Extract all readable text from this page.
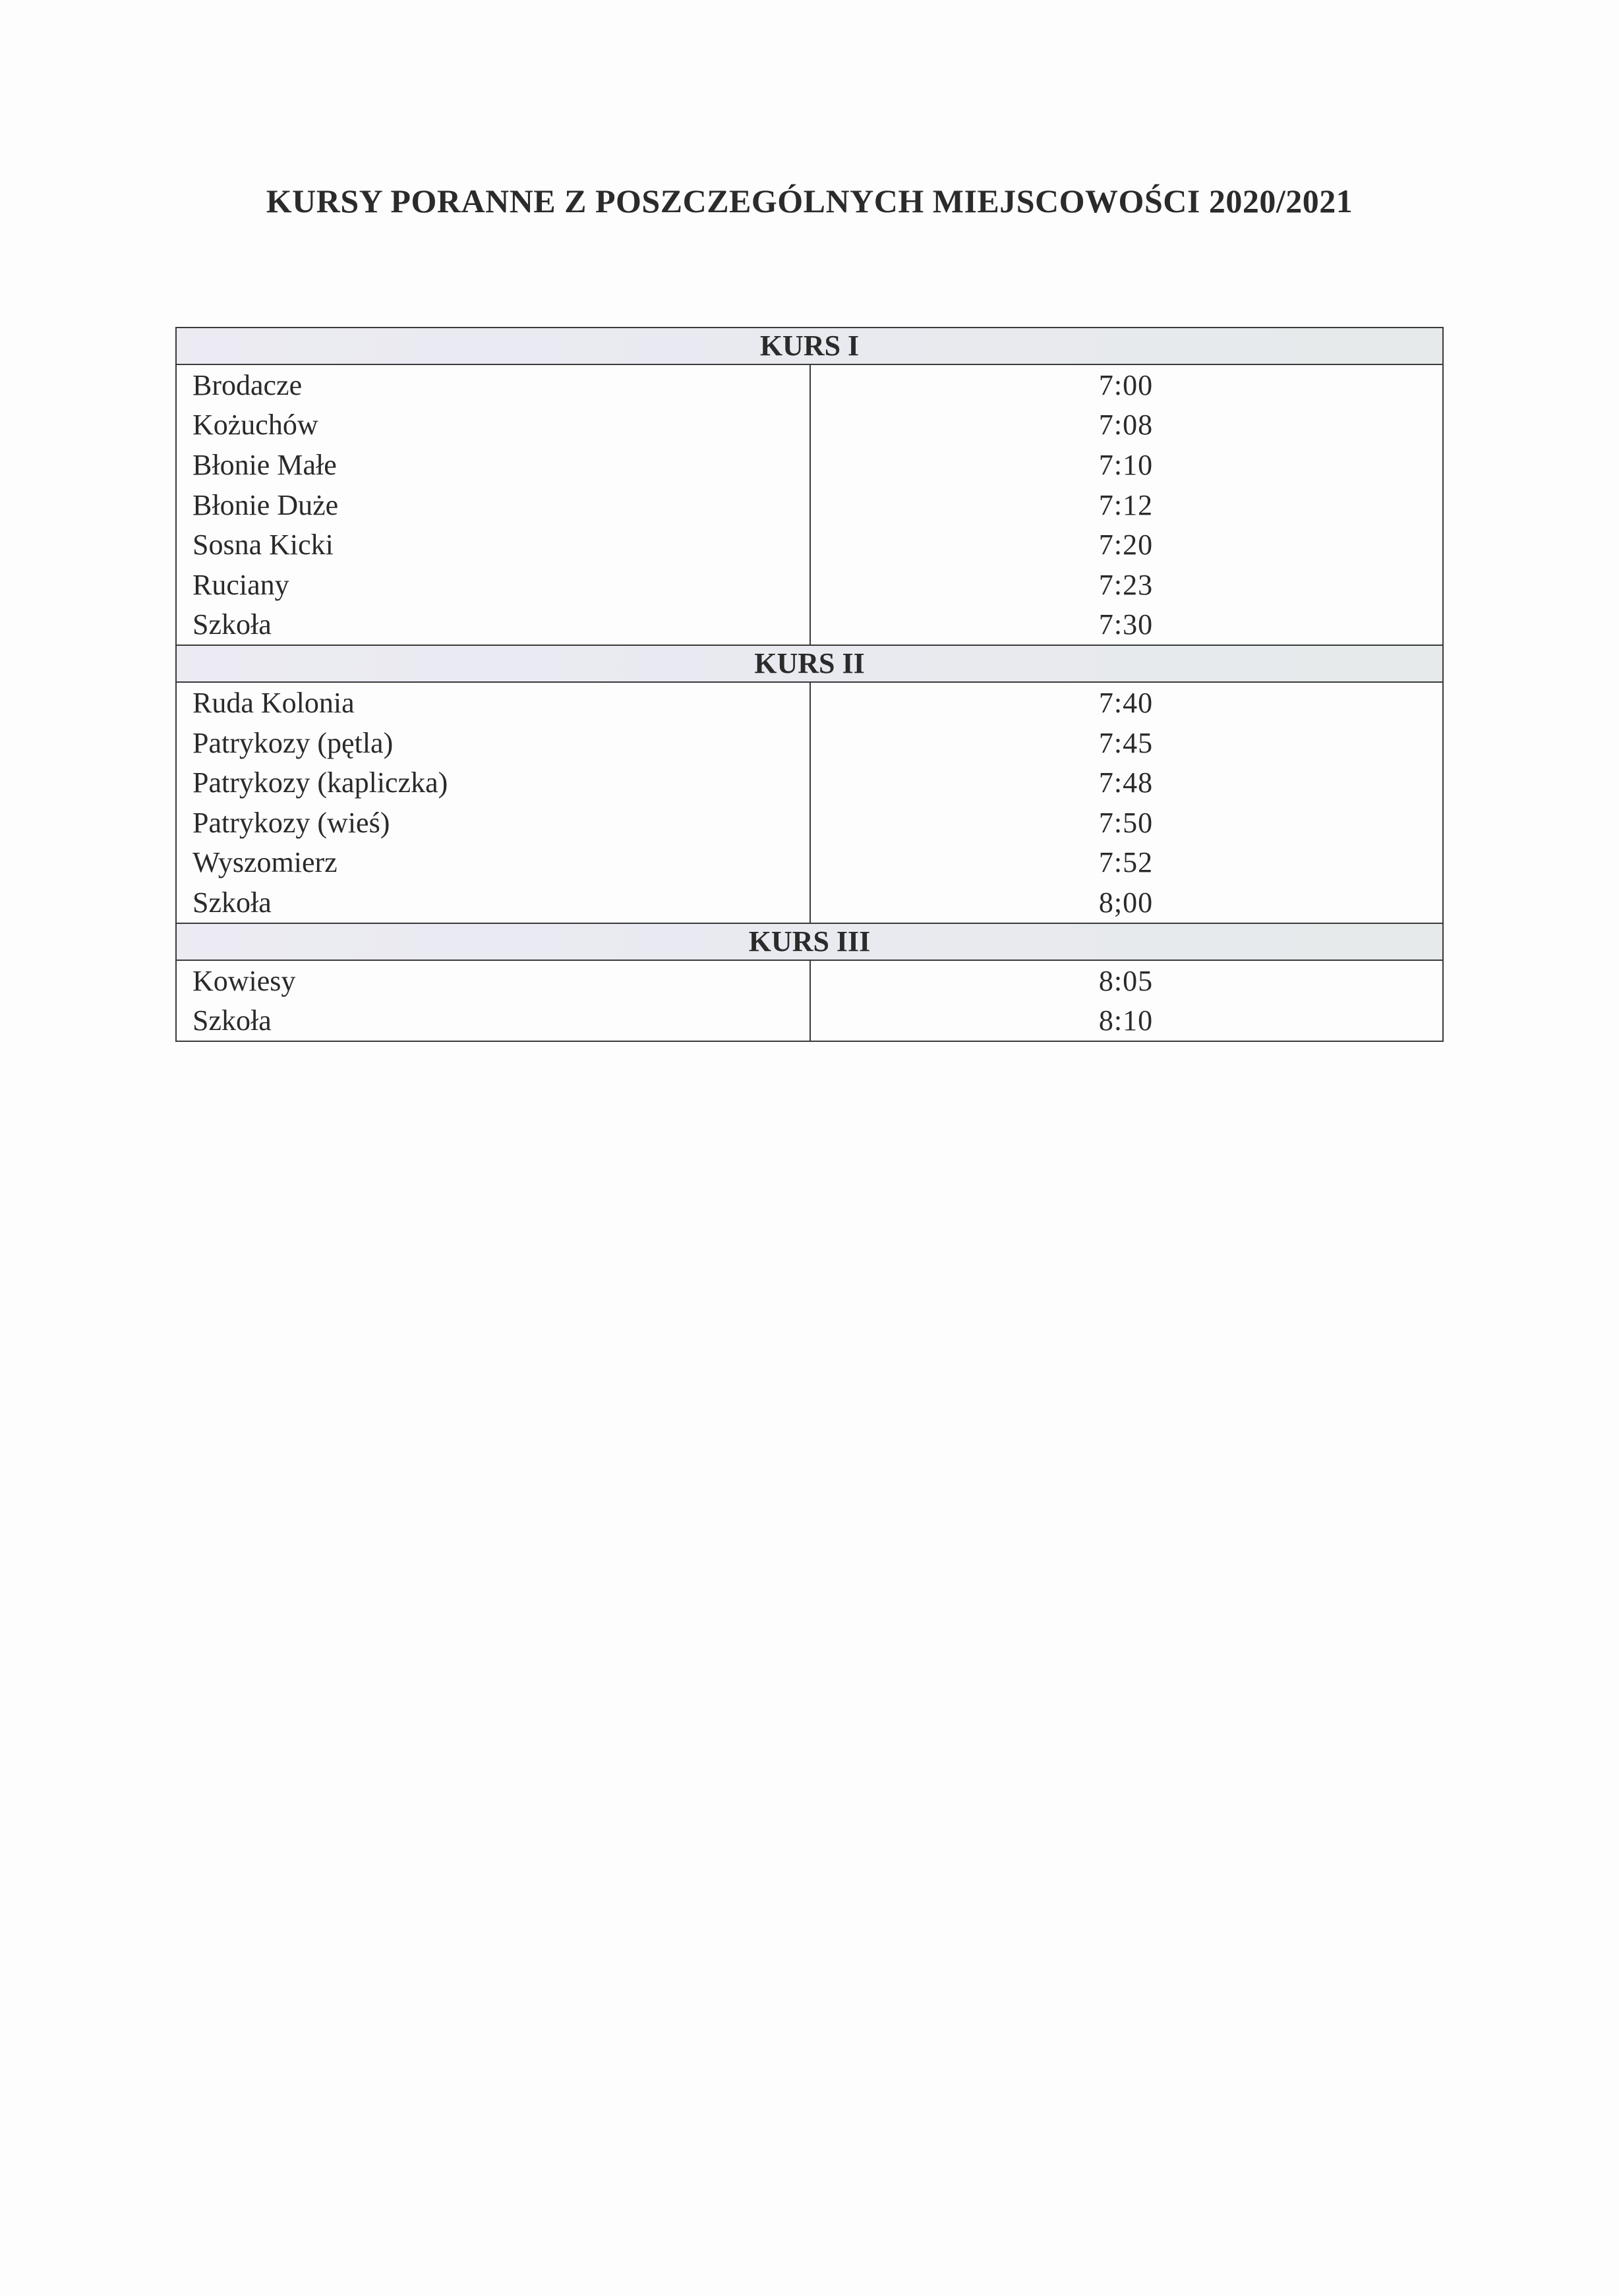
KURSY PORANNE Z POSZCZEGÓLNYCH MIEJSCOWOŚCI 2020/2021
KURS I
Brodacze	7:00
Kożuchów	7:08
Błonie Małe	7:10
Błonie Duże	7:12
Sosna Kicki	7:20
Ruciany	7:23
Szkoła	7:30
KURS II
Ruda Kolonia	7:40
Patrykozy (pętla)	7:45
Patrykozy (kapliczka)	7:48
Patrykozy (wieś)	7:50
Wyszomierz	7:52
Szkoła	8;00
KURS III
Kowiesy	8:05
Szkoła	8:10
